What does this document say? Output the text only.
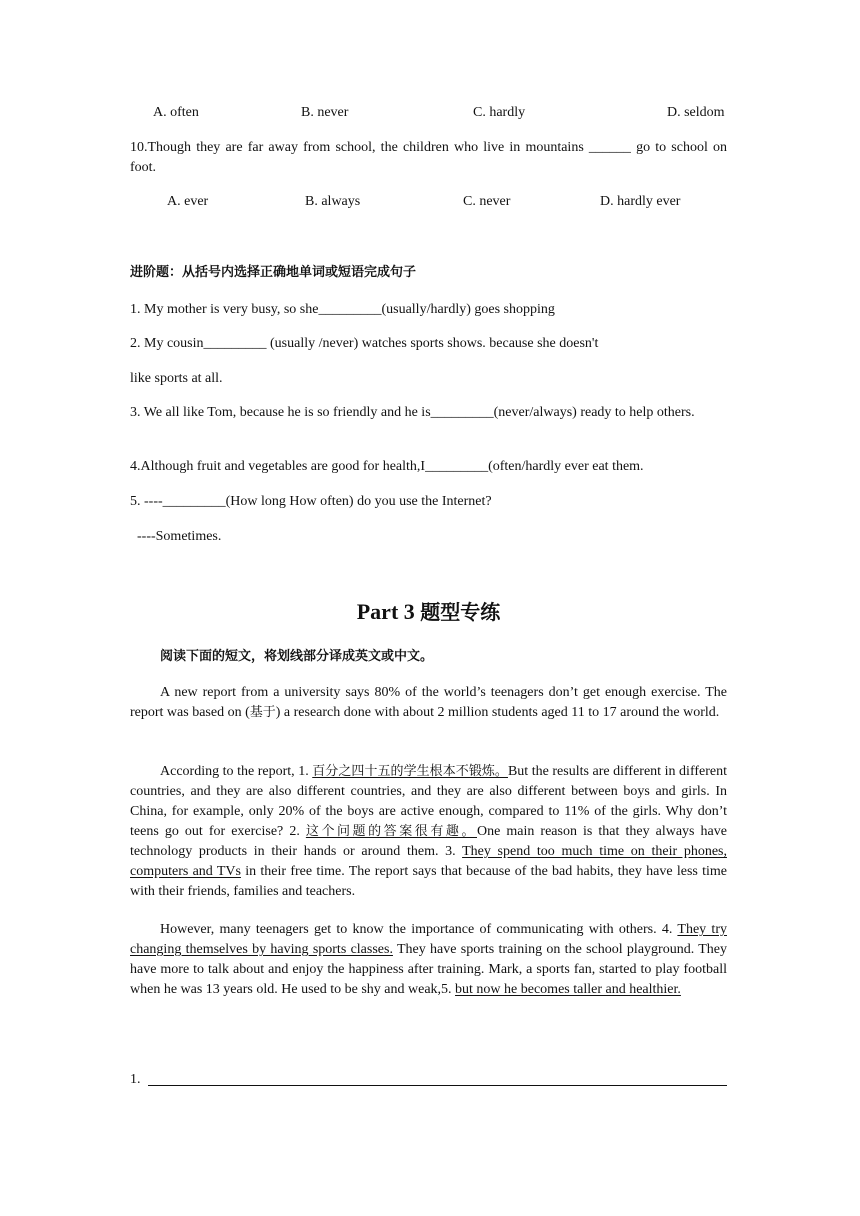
A. often	B. never	C. hardly	D. seldom
10.Though they are far away from school, the children who live in mountains ______ go to school on foot.
A. ever	B. always	C. never	D. hardly ever
进阶题：从括号内选择正确地单词或短语完成句子
1. My mother is very busy, so she_________(usually/hardly) goes shopping
2. My cousin_________ (usually /never) watches sports shows. because she doesn't
like sports at all.
3. We all like Tom, because he is so friendly and he is_________(never/always) ready to help others.
4.Although fruit and vegetables are good for health,I_________(often/hardly ever eat them.
5. ----_________(How long How often) do you use the Internet?
----Sometimes.
Part 3 题型专练
阅读下面的短文，将划线部分译成英文或中文。
A new report from a university says 80% of the world’s teenagers don’t get enough exercise. The report was based on (基于) a research done with about 2 million students aged 11 to 17 around the world.
According to the report, 1. 百分之四十五的学生根本不锻炼。But the results are different in different countries, and they are also different countries, and they are also different between boys and girls. In China, for example, only 20% of the boys are active enough, compared to 11% of the girls. Why don’t teens go out for exercise? 2. 这个问题的答案很有趣。One main reason is that they always have technology products in their hands or around them. 3. They spend too much time on their phones, computers and TVs in their free time. The report says that because of the bad habits, they have less time with their friends, families and teachers.
However, many teenagers get to know the importance of communicating with others. 4. They try changing themselves by having sports classes. They have sports training on the school playground. They have more to talk about and enjoy the happiness after training. Mark, a sports fan, started to play football when he was 13 years old. He used to be shy and weak,5. but now he becomes taller and healthier.
1.
